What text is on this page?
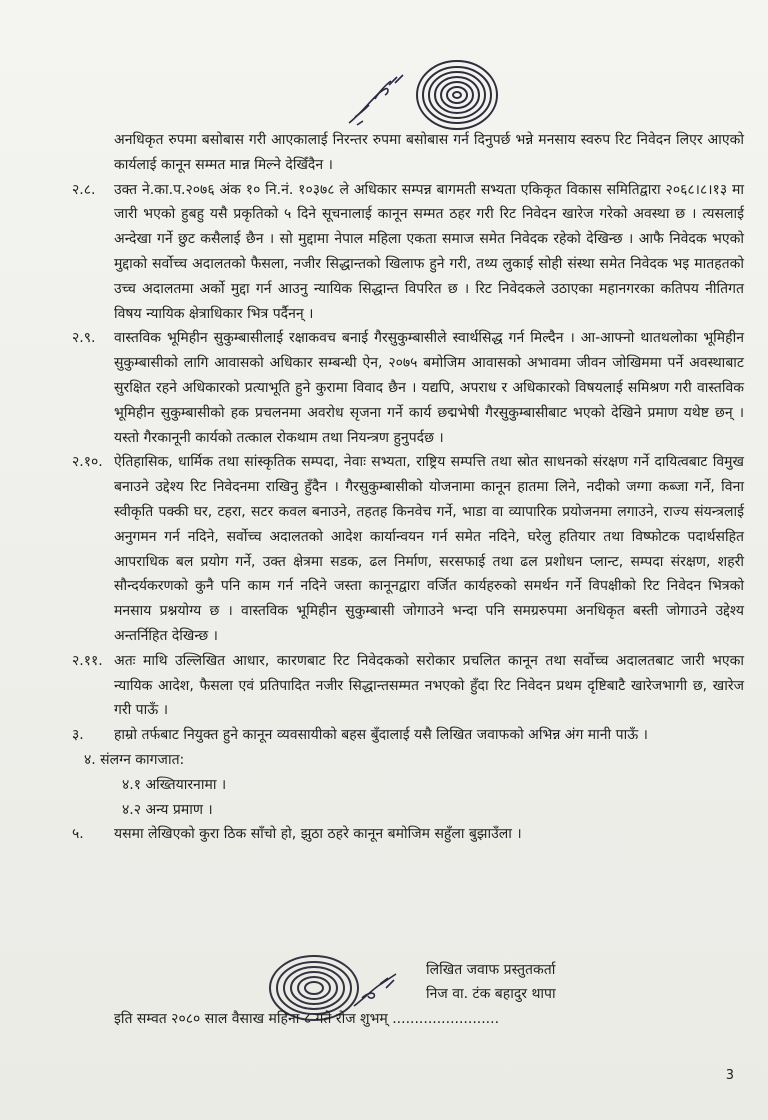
अनधिकृत रुपमा बसोबास गरी आएकालाई निरन्तर रुपमा बसोबास गर्न दिनुपर्छ भन्ने मनसाय स्वरुप रिट निवेदन लिएर आएको कार्यलाई कानून सम्मत मान्न मिल्ने देखिँदैन ।
२.८.	उक्त ने.का.प.२०७६ अंक १० नि.नं. १०३७८ ले अधिकार सम्पन्न बागमती सभ्यता एकिकृत विकास समितिद्वारा २०६८।८।१३ मा जारी भएको हुबहु यसै प्रकृतिको ५ दिने सूचनालाई कानून सम्मत ठहर गरी रिट निवेदन खारेज गरेको अवस्था छ । त्यसलाई अन्देखा गर्ने छुट कसैलाई छैन । सो मुद्दामा नेपाल महिला एकता समाज समेत निवेदक रहेको देखिन्छ । आफै निवेदक भएको मुद्दाको सर्वोच्च अदालतको फैसला, नजीर सिद्धान्तको खिलाफ हुने गरी, तथ्य लुकाई सोही संस्था समेत निवेदक भइ मातहतको उच्च अदालतमा अर्को मुद्दा गर्न आउनु न्यायिक सिद्धान्त विपरित छ । रिट निवेदकले उठाएका महानगरका कतिपय नीतिगत विषय न्यायिक क्षेत्राधिकार भित्र पर्दैनन् ।
२.९.	वास्तविक भूमिहीन सुकुम्बासीलाई रक्षाकवच बनाई गैरसुकुम्बासीले स्वार्थसिद्ध गर्न मिल्दैन । आ-आफ्नो थातथलोका भूमिहीन सुकुम्बासीको लागि आवासको अधिकार सम्बन्धी ऐन, २०७५ बमोजिम आवासको अभावमा जीवन जोखिममा पर्ने अवस्थाबाट सुरक्षित रहने अधिकारको प्रत्याभूति हुने कुरामा विवाद छैन । यद्यपि, अपराध र अधिकारको विषयलाई समिश्रण गरी वास्तविक भूमिहीन सुकुम्बासीको हक प्रचलनमा अवरोध सृजना गर्ने कार्य छद्मभेषी गैरसुकुम्बासीबाट भएको देखिने प्रमाण यथेष्ट छन् । यस्तो गैरकानूनी कार्यको तत्काल रोकथाम तथा नियन्त्रण हुनुपर्दछ ।
२.१०. ऐतिहासिक, धार्मिक तथा सांस्कृतिक सम्पदा, नेवाः सभ्यता, राष्ट्रिय सम्पत्ति तथा स्रोत साधनको संरक्षण गर्ने दायित्वबाट विमुख बनाउने उद्देश्य रिट निवेदनमा राखिनु हुँदैन । गैरसुकुम्बासीको योजनामा कानून हातमा लिने, नदीको जग्गा कब्जा गर्ने, विना स्वीकृति पक्की घर, टहरा, सटर कवल बनाउने, तहतह किनवेच गर्ने, भाडा वा व्यापारिक प्रयोजनमा लगाउने, राज्य संयन्त्रलाई अनुगमन गर्न नदिने, सर्वोच्च अदालतको आदेश कार्यान्वयन गर्न समेत नदिने, घरेलु हतियार तथा विष्फोटक पदार्थसहित आपराधिक बल प्रयोग गर्ने, उक्त क्षेत्रमा सडक, ढल निर्माण, सरसफाई तथा ढल प्रशोधन प्लान्ट, सम्पदा संरक्षण, शहरी सौन्दर्यकरणको कुनै पनि काम गर्न नदिने जस्ता कानूनद्वारा वर्जित कार्यहरुको समर्थन गर्ने विपक्षीको रिट निवेदन भित्रको मनसाय प्रश्नयोग्य छ । वास्तविक भूमिहीन सुकुम्बासी जोगाउने भन्दा पनि समग्ररुपमा अनधिकृत बस्ती जोगाउने उद्देश्य अन्तर्निहित देखिन्छ ।
२.११. अतः माथि उल्लिखित आधार, कारणबाट रिट निवेदकको सरोकार प्रचलित कानून तथा सर्वोच्च अदालतबाट जारी भएका न्यायिक आदेश, फैसला एवं प्रतिपादित नजीर सिद्धान्तसम्मत नभएको हुँदा रिट निवेदन प्रथम दृष्टिबाटै खारेजभागी छ, खारेज गरी पाऊँ ।
३.	हाम्रो तर्फबाट नियुक्त हुने कानून व्यवसायीको बहस बुँदालाई यसै लिखित जवाफको अभिन्न अंग मानी पाऊँ ।
४. संलग्न कागजात:
४.१ अख्तियारनामा ।
४.२ अन्य प्रमाण ।
५.	यसमा लेखिएको कुरा ठिक साँचो हो, झुठा ठहरे कानून बमोजिम सहुँला बुझाउँला ।
लिखित जवाफ प्रस्तुतकर्ता
निज वा. टंक बहादुर थापा
इति सम्वत २०८० साल वैसाख महिना ८ गते रोज शुभम् ........................
3
